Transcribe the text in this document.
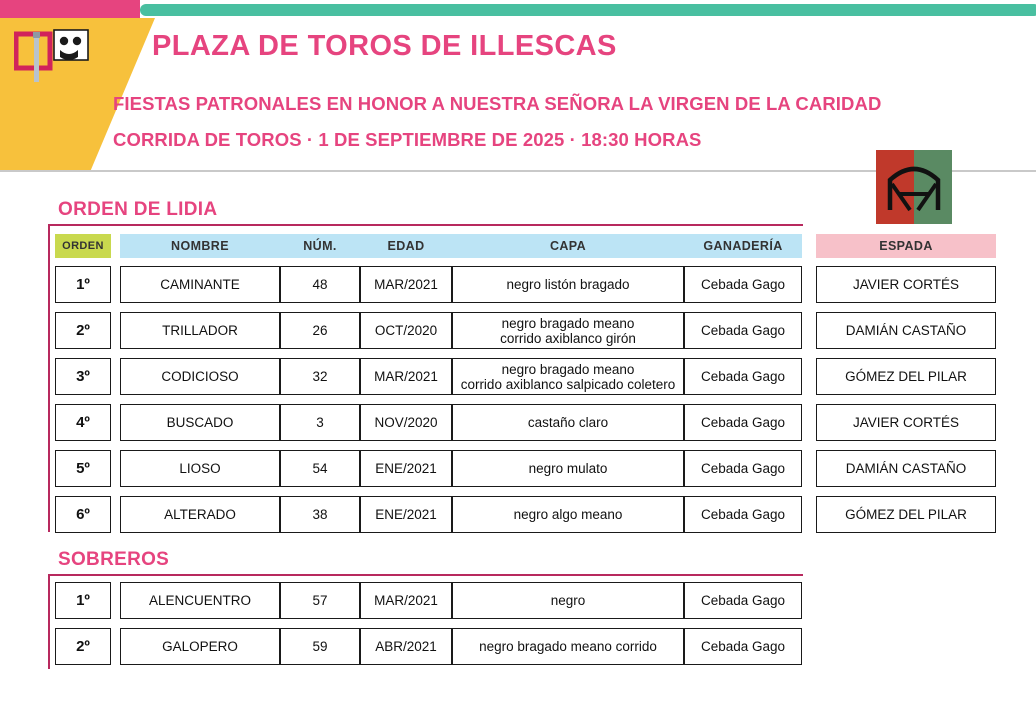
PLAZA DE TOROS DE ILLESCAS
FIESTAS PATRONALES EN HONOR A NUESTRA SEÑORA LA VIRGEN DE LA CARIDAD
CORRIDA DE TOROS · 1 DE SEPTIEMBRE DE 2025 · 18:30 HORAS
ORDEN DE LIDIA
ORDEN	NOMBRE	NÚM.	EDAD	CAPA	GANADERÍA	ESPADA
1º	CAMINANTE	48	MAR/2021	negro listón bragado	Cebada Gago	JAVIER CORTÉS
2º	TRILLADOR	26	OCT/2020	negro bragado meano
corrido axiblanco girón	Cebada Gago	DAMIÁN CASTAÑO
3º	CODICIOSO	32	MAR/2021	negro bragado meano
corrido axiblanco salpicado coletero	Cebada Gago	GÓMEZ DEL PILAR
4º	BUSCADO	3	NOV/2020	castaño claro	Cebada Gago	JAVIER CORTÉS
5º	LIOSO	54	ENE/2021	negro mulato	Cebada Gago	DAMIÁN CASTAÑO
6º	ALTERADO	38	ENE/2021	negro algo meano	Cebada Gago	GÓMEZ DEL PILAR
SOBREROS
1º	ALENCUENTRO	57	MAR/2021	negro	Cebada Gago
2º	GALOPERO	59	ABR/2021	negro bragado meano corrido	Cebada Gago
